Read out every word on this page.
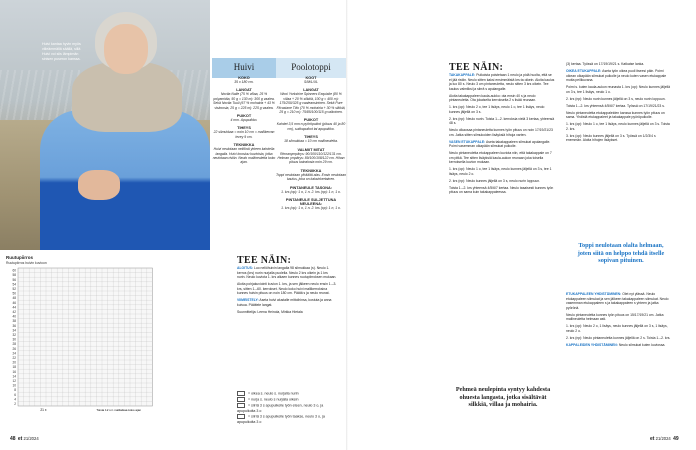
Huivi kantaa hyvin myös viileämmällä säällä, sillä Huivi voi siis lämpimän sinisen puseron kanssa.
Huivi
KOKO
35 x 180 cm.
LANGAT
Novita Nalle (75 % villaa, 25 % polyamidia, 50 g = 130 m): 300 g vaalea. Sekä Novita Tuuli (67 % mohairia + 43 % viskoosia, 25 g = 225 m): 225 g vaalea.
PUIKOT
4 mm. Apupuikko.
TIHEYS
22 silmukkaa = noin 10 cm = mallikerran levey 9 cm.
TEKNIIKKA
Huivi neulotaan neliöinä yhteen kahdella langalla. Huivi koostuu kuvioista, jotka neulotaan ristiin. Neulo mallineuletta koko ajan.
Poolotoppi
KOOT
S/M/L/XL
LANGAT
Wool Yorkshire Spinners Exquisite (80 % villaa + 20 % silkkiä, 100 g = 400 m): 175/250/325 g vaaleansininen. Sekä Pure Filcasiane Tiilo (70 % mohairia + 30 % silkkiä, 25 g = 210 m): 75/85/100/115 g valkoinen.
PUIKOT
Kahdet 3,5 mm:n pyöröpuikot (pituus 40 ja 80 cm), sukkapuikot tai apupuikko.
TIHEYS
18 silmukkaa = 10 cm mallineuletta.
VALMIIT MITAT
Rinnanympärys: 90/100/110/122/131 cm. Helman ympärys: 89/100/108/122 cm. Hihan pituus kainalosta noin 29 cm.
TEKNIIKKA
Toppi neulotaan ylhäältä alas. Ensin neulotaan kaulus, joka on kaksinkertainen.
PINTANEULE TASONA:
1. krs (op): 1 o, 1 n. 2. krs (np): 1 n, 1 o.
PINTANEULE SULJETTUNA NEULEENA:
1. krs (op): 1 o, 1 n. 2. krs (op): 1 n, 1 o.
Ruutupiirros
Ruutupiirros huivin kuvioon
60
58
56
54
52
50
48
46
44
42
40
38
36
34
32
30
28
26
24
22
20
18
16
14
12
10
8
6
4
2
21 x	Toista 12 s:n malliaikaa koko ajan
TEE NÄIN:

ALOITUS: Luo neliöhuivin langalla 98 silmukkaa (s). Neulo 1. kerros (krs) nurin nurjalla puolella. Neulo 2 krs oikein ja 1 krs nurin. Neulo kuviota 1. krs alkaen kunnes ruutupiirroksen mukaan.

Aloita pohjakuviointi kuvion 1. krs, ja sen jälkeen neulo ensin 1.–3. krs, sitten 1.–60. kerrokset. Neulo koko huivi mallikerroksina kunnes huivin pituus on noin 180 cm. Päätä s ja neulo reunat.

VIIMEISTELY: Aseta huivi alustalle mittoihinsa, kostuta ja anna kuivua. Päättele langat.

Suunnittelija: Leena Heinola, Mirkka Hietala

= oikea s. neulo s. nurjalla nurin
= nurja s. neulo s nurjalla oikein
= siirrä 3 s apupuikolle työn eteen, neulo 3 o, ja apupuikolta 3 o
= siirrä 3 s apupuikolle työn taakse, neulo 3 o, ja apupuikolta 3 o
48 et 21/2024
TEE NÄIN:

TAKAKAPPALE: Puikoista poistetaan 1 neulo ja pidä huolta, että se ei jää ristiin. Neulo sitten kaksi ensimmäistä krs:ta oikein. Aloita kaulus ja luo 80 s. Neulo 3 cm pintaneuletta, neulo sitten 3 krs oikein. Tee kaulus valmiiksi ja siirrä s apulangalle.

Aloita takakappaleen kaula-aukko: ota ensin 40 s ja neulo pintaneuletta. Ota jokaiselta kerrokselta 2 s lisää reunaan.

1. krs (op): Neulo 2 o, tee 1 lisäys, neulo 1 o, tee 1 lisäys, neulo kunnes jäljellä on 3 s.

2. krs (np): Neulo nurin. Toista 1.–2. kerroksia vielä 3 kertaa, yhteensä 48 s.

Neulo olkaosaa pintaneuletta kunnes työn pituus on noin 17/19/21/23 cm. Jatka sitten silmukoiden lisäyksiä hihoja varten.

VASEN ETUKAPPALE: Aseta takakappaleen silmukat apulangalle. Poimi vasemman olkapään silmukat puikolle.

Neulo pintaneuletta etukappaleen kuviota niin, että takakappale on 7 cm pitkä. Tee sitten lisäyksiä kaula-aukon reunaan joka toisella kerroksella kuvion mukaan.

1. krs (op): Neulo 1 o, tee 1 lisäys, neulo kunnes jäljellä on 3 s, tee 1 lisäys, neulo 2 o.

2. krs (np): Neulo kunnes jäljellä on 3 s, neulo nurin loppuun.

Toista 1.–2. krs yhteensä 4/5/6/7 kertaa. Neulo tasaisesti kunnes työn pituus on sama kuin takakappaleessa.

Pehmeä neulepinta syntyy kahdesta ohuesta langasta, jotka sisältävät silkkiä, villaa ja mohairia.

(3) kertaa. Työssä on 17/19/19/21 s. Katkaise lanka.

OIKEA ETUKAPPALE: Aseta työn oikea puoli itseesi päin. Poimi oikean olkapään silmukat puikolle ja neulo kuten vasen etukappale mutta peilikuvana.

Poimi s. kuten kaula-aukon reunasta 1. krs (op): Neulo kunnes jäljellä on 3 s, tee 1 lisäys, neulo 1 o.

2. krs (np): Neulo nurin kunnes jäljellä on 3 s, neulo nurin loppuun.

Toista 1.–2. krs yhteensä 4/5/6/7 kertaa. Työssä on 17/19/21/23 s.

Neulo pintaneuletta etukappaleiden kanssa kunnes työn pituus on sama. Yhdistä etukappaleet ja takakappale pyöröpuikolle.

1. krs (op): Neulo 1 o, tee 1 lisäys, neulo kunnes jäljellä on 3 s. Toista 2. krs.

3. krs (op): Neulo kunnes jäljellä on 3 s. Työssä on 1/2/3/4 s enemmän. Aloita hihojen lisäykset.

Toppi neulotaan olalta helmaan, joten siitä on helppo tehdä itselle sopivan pituinen.

ETUKAPPALEEN YHDISTÄMINEN: Olet nyt ylässä. Neulo etukappaleen silmukat ja sen jälkeen takakappaleen silmukat. Neulo vasemman etukappaleen s ja takakappaleen s yhteen ja jatka pyörönä.

Neulo pintaneuletta kunnes työn pituus on 15/17/19/21 cm. Jatka mallineuletta helmaan asti.

1. krs (op): Neulo 2 o, 1 lisäys, neulo kunnes jäljellä on 3 s, 1 lisäys, neulo 2 o.

2. krs (np): Neulo pintaneuletta kunnes jäljellä on 2 s. Toista 1.–2. krs.

KAPPALEIDEN YHDISTÄMINEN: Neulo silmukat kuten kuviossa.

et 21/2024 49
